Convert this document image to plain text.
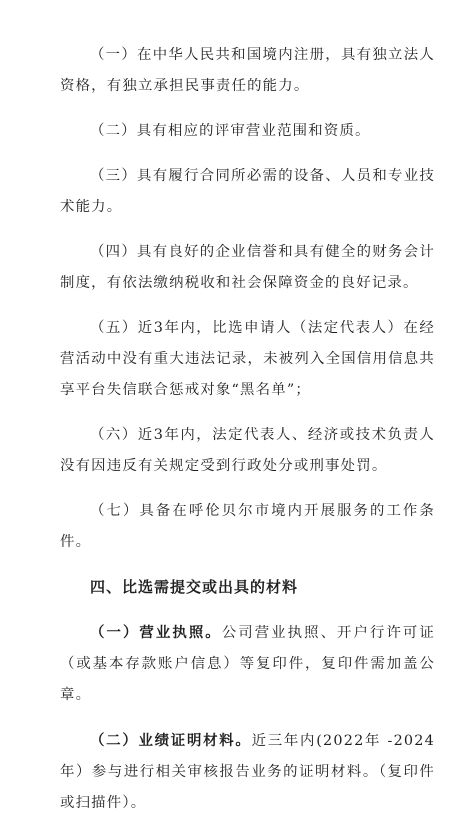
（一）在中华人民共和国境内注册，具有独立法人资格，有独立承担民事责任的能力。

（二）具有相应的评审营业范围和资质。

（三）具有履行合同所必需的设备、人员和专业技术能力。

（四）具有良好的企业信誉和具有健全的财务会计制度，有依法缴纳税收和社会保障资金的良好记录。

（五）近3年内，比选申请人（法定代表人）在经营活动中没有重大违法记录，未被列入全国信用信息共享平台失信联合惩戒对象“黑名单”；

（六）近3年内，法定代表人、经济或技术负责人没有因违反有关规定受到行政处分或刑事处罚。

（七）具备在呼伦贝尔市境内开展服务的工作条件。

四、比选需提交或出具的材料

（一）营业执照。公司营业执照、开户行许可证（或基本存款账户信息）等复印件，复印件需加盖公章。

（二）业绩证明材料。近三年内(2022年 -2024年）参与进行相关审核报告业务的证明材料。（复印件或扫描件）。
